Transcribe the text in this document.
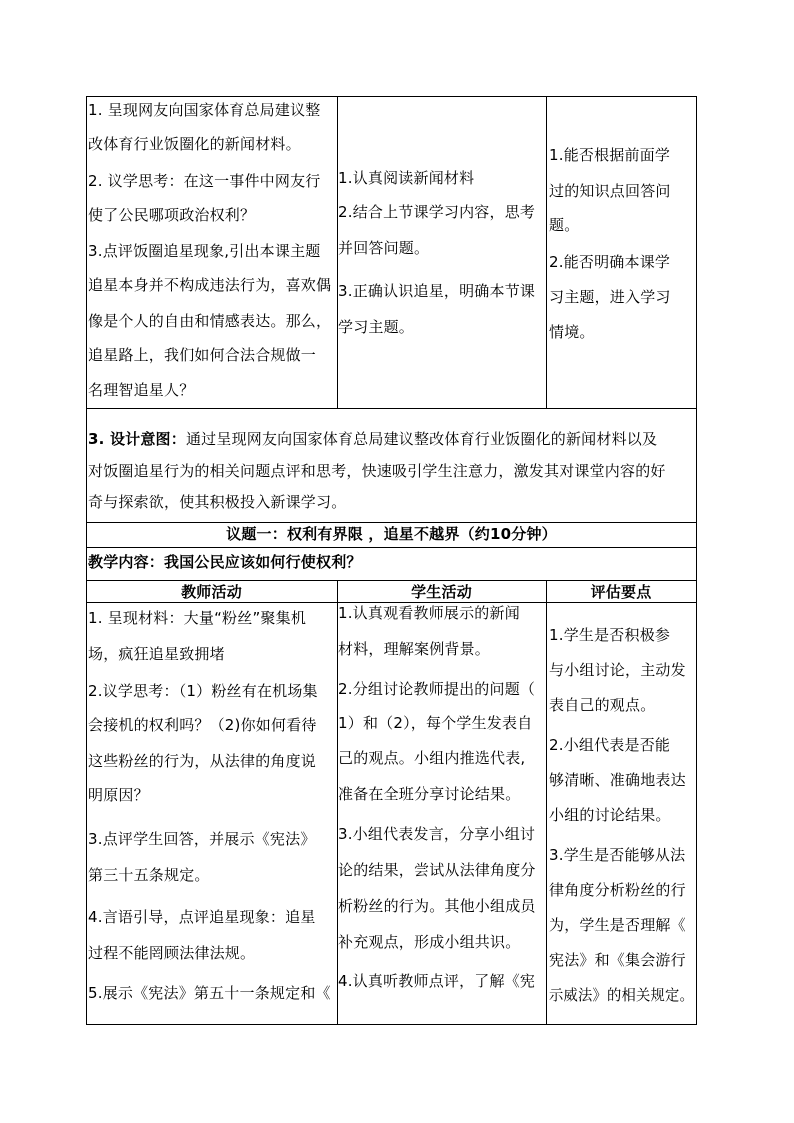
1. 呈现网友向国家体育总局建议整
改体育行业饭圈化的新闻材料。
2. 议学思考：在这一事件中网友行
使了公民哪项政治权利？
3.点评饭圈追星现象,引出本课主题
追星本身并不构成违法行为，喜欢偶
像是个人的自由和情感表达。那么，
追星路上，我们如何合法合规做一
名理智追星人？
1.认真阅读新闻材料
2.结合上节课学习内容，思考
并回答问题。
3.正确认识追星，明确本节课
学习主题。
1.能否根据前面学
过的知识点回答问
题。
2.能否明确本课学
习主题，进入学习
情境。
3. 设计意图：通过呈现网友向国家体育总局建议整改体育行业饭圈化的新闻材料以及
对饭圈追星行为的相关问题点评和思考，快速吸引学生注意力，激发其对课堂内容的好
奇与探索欲，使其积极投入新课学习。
议题一：权利有界限 ，追星不越界（约10分钟）
教学内容：我国公民应该如何行使权利？
教师活动	学生活动	评估要点
1. 呈现材料：大量“粉丝”聚集机
场，疯狂追星致拥堵
2.议学思考：（1）粉丝有在机场集
会接机的权利吗？（2)你如何看待
这些粉丝的行为，从法律的角度说
明原因？
3.点评学生回答，并展示《宪法》
第三十五条规定。
4.言语引导，点评追星现象：追星
过程不能罔顾法律法规。
5.展示《宪法》第五十一条规定和《
1.认真观看教师展示的新闻
材料，理解案例背景。
2.分组讨论教师提出的问题（
1）和（2），每个学生发表自
己的观点。小组内推选代表,
准备在全班分享讨论结果。
3.小组代表发言，分享小组讨
论的结果，尝试从法律角度分
析粉丝的行为。其他小组成员
补充观点，形成小组共识。
4.认真听教师点评，了解《宪
1.学生是否积极参
与小组讨论，主动发
表自己的观点。
2.小组代表是否能
够清晰、准确地表达
小组的讨论结果。
3.学生是否能够从法
律角度分析粉丝的行
为，学生是否理解《
宪法》和《集会游行
示威法》的相关规定。
